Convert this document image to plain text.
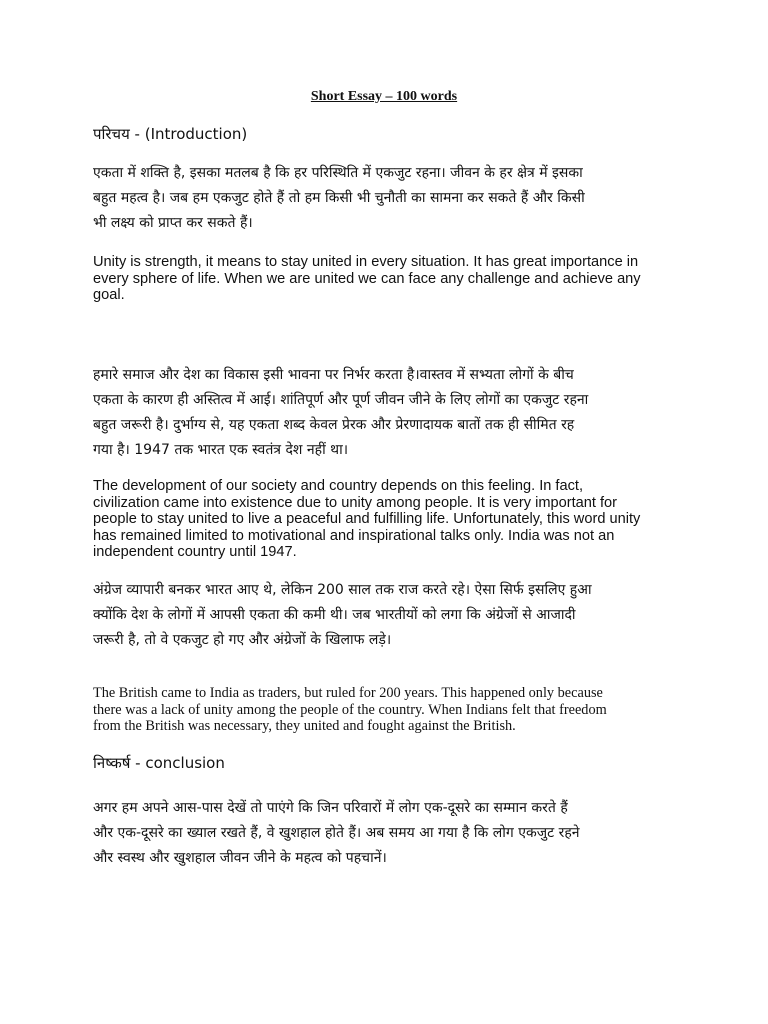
Short Essay – 100 words

परिचय - (Introduction)

एकता में शक्ति है, इसका मतलब है कि हर परिस्थिति में एकजुट रहना। जीवन के हर क्षेत्र में इसका
बहुत महत्व है। जब हम एकजुट होते हैं तो हम किसी भी चुनौती का सामना कर सकते हैं और किसी
भी लक्ष्य को प्राप्त कर सकते हैं।

Unity is strength, it means to stay united in every situation. It has great importance in
every sphere of life. When we are united we can face any challenge and achieve any
goal.

हमारे समाज और देश का विकास इसी भावना पर निर्भर करता है।वास्तव में सभ्यता लोगों के बीच
एकता के कारण ही अस्तित्व में आई। शांतिपूर्ण और पूर्ण जीवन जीने के लिए लोगों का एकजुट रहना
बहुत जरूरी है। दुर्भाग्य से, यह एकता शब्द केवल प्रेरक और प्रेरणादायक बातों तक ही सीमित रह
गया है। 1947 तक भारत एक स्वतंत्र देश नहीं था।

The development of our society and country depends on this feeling. In fact,
civilization came into existence due to unity among people. It is very important for
people to stay united to live a peaceful and fulfilling life. Unfortunately, this word unity
has remained limited to motivational and inspirational talks only. India was not an
independent country until 1947.

अंग्रेज व्यापारी बनकर भारत आए थे, लेकिन 200 साल तक राज करते रहे। ऐसा सिर्फ इसलिए हुआ
क्योंकि देश के लोगों में आपसी एकता की कमी थी। जब भारतीयों को लगा कि अंग्रेजों से आजादी
जरूरी है, तो वे एकजुट हो गए और अंग्रेजों के खिलाफ लड़े।

The British came to India as traders, but ruled for 200 years. This happened only because
there was a lack of unity among the people of the country. When Indians felt that freedom
from the British was necessary, they united and fought against the British.

निष्कर्ष - conclusion

अगर हम अपने आस-पास देखें तो पाएंगे कि जिन परिवारों में लोग एक-दूसरे का सम्मान करते हैं
और एक-दूसरे का ख्याल रखते हैं, वे खुशहाल होते हैं। अब समय आ गया है कि लोग एकजुट रहने
और स्वस्थ और खुशहाल जीवन जीने के महत्व को पहचानें।
